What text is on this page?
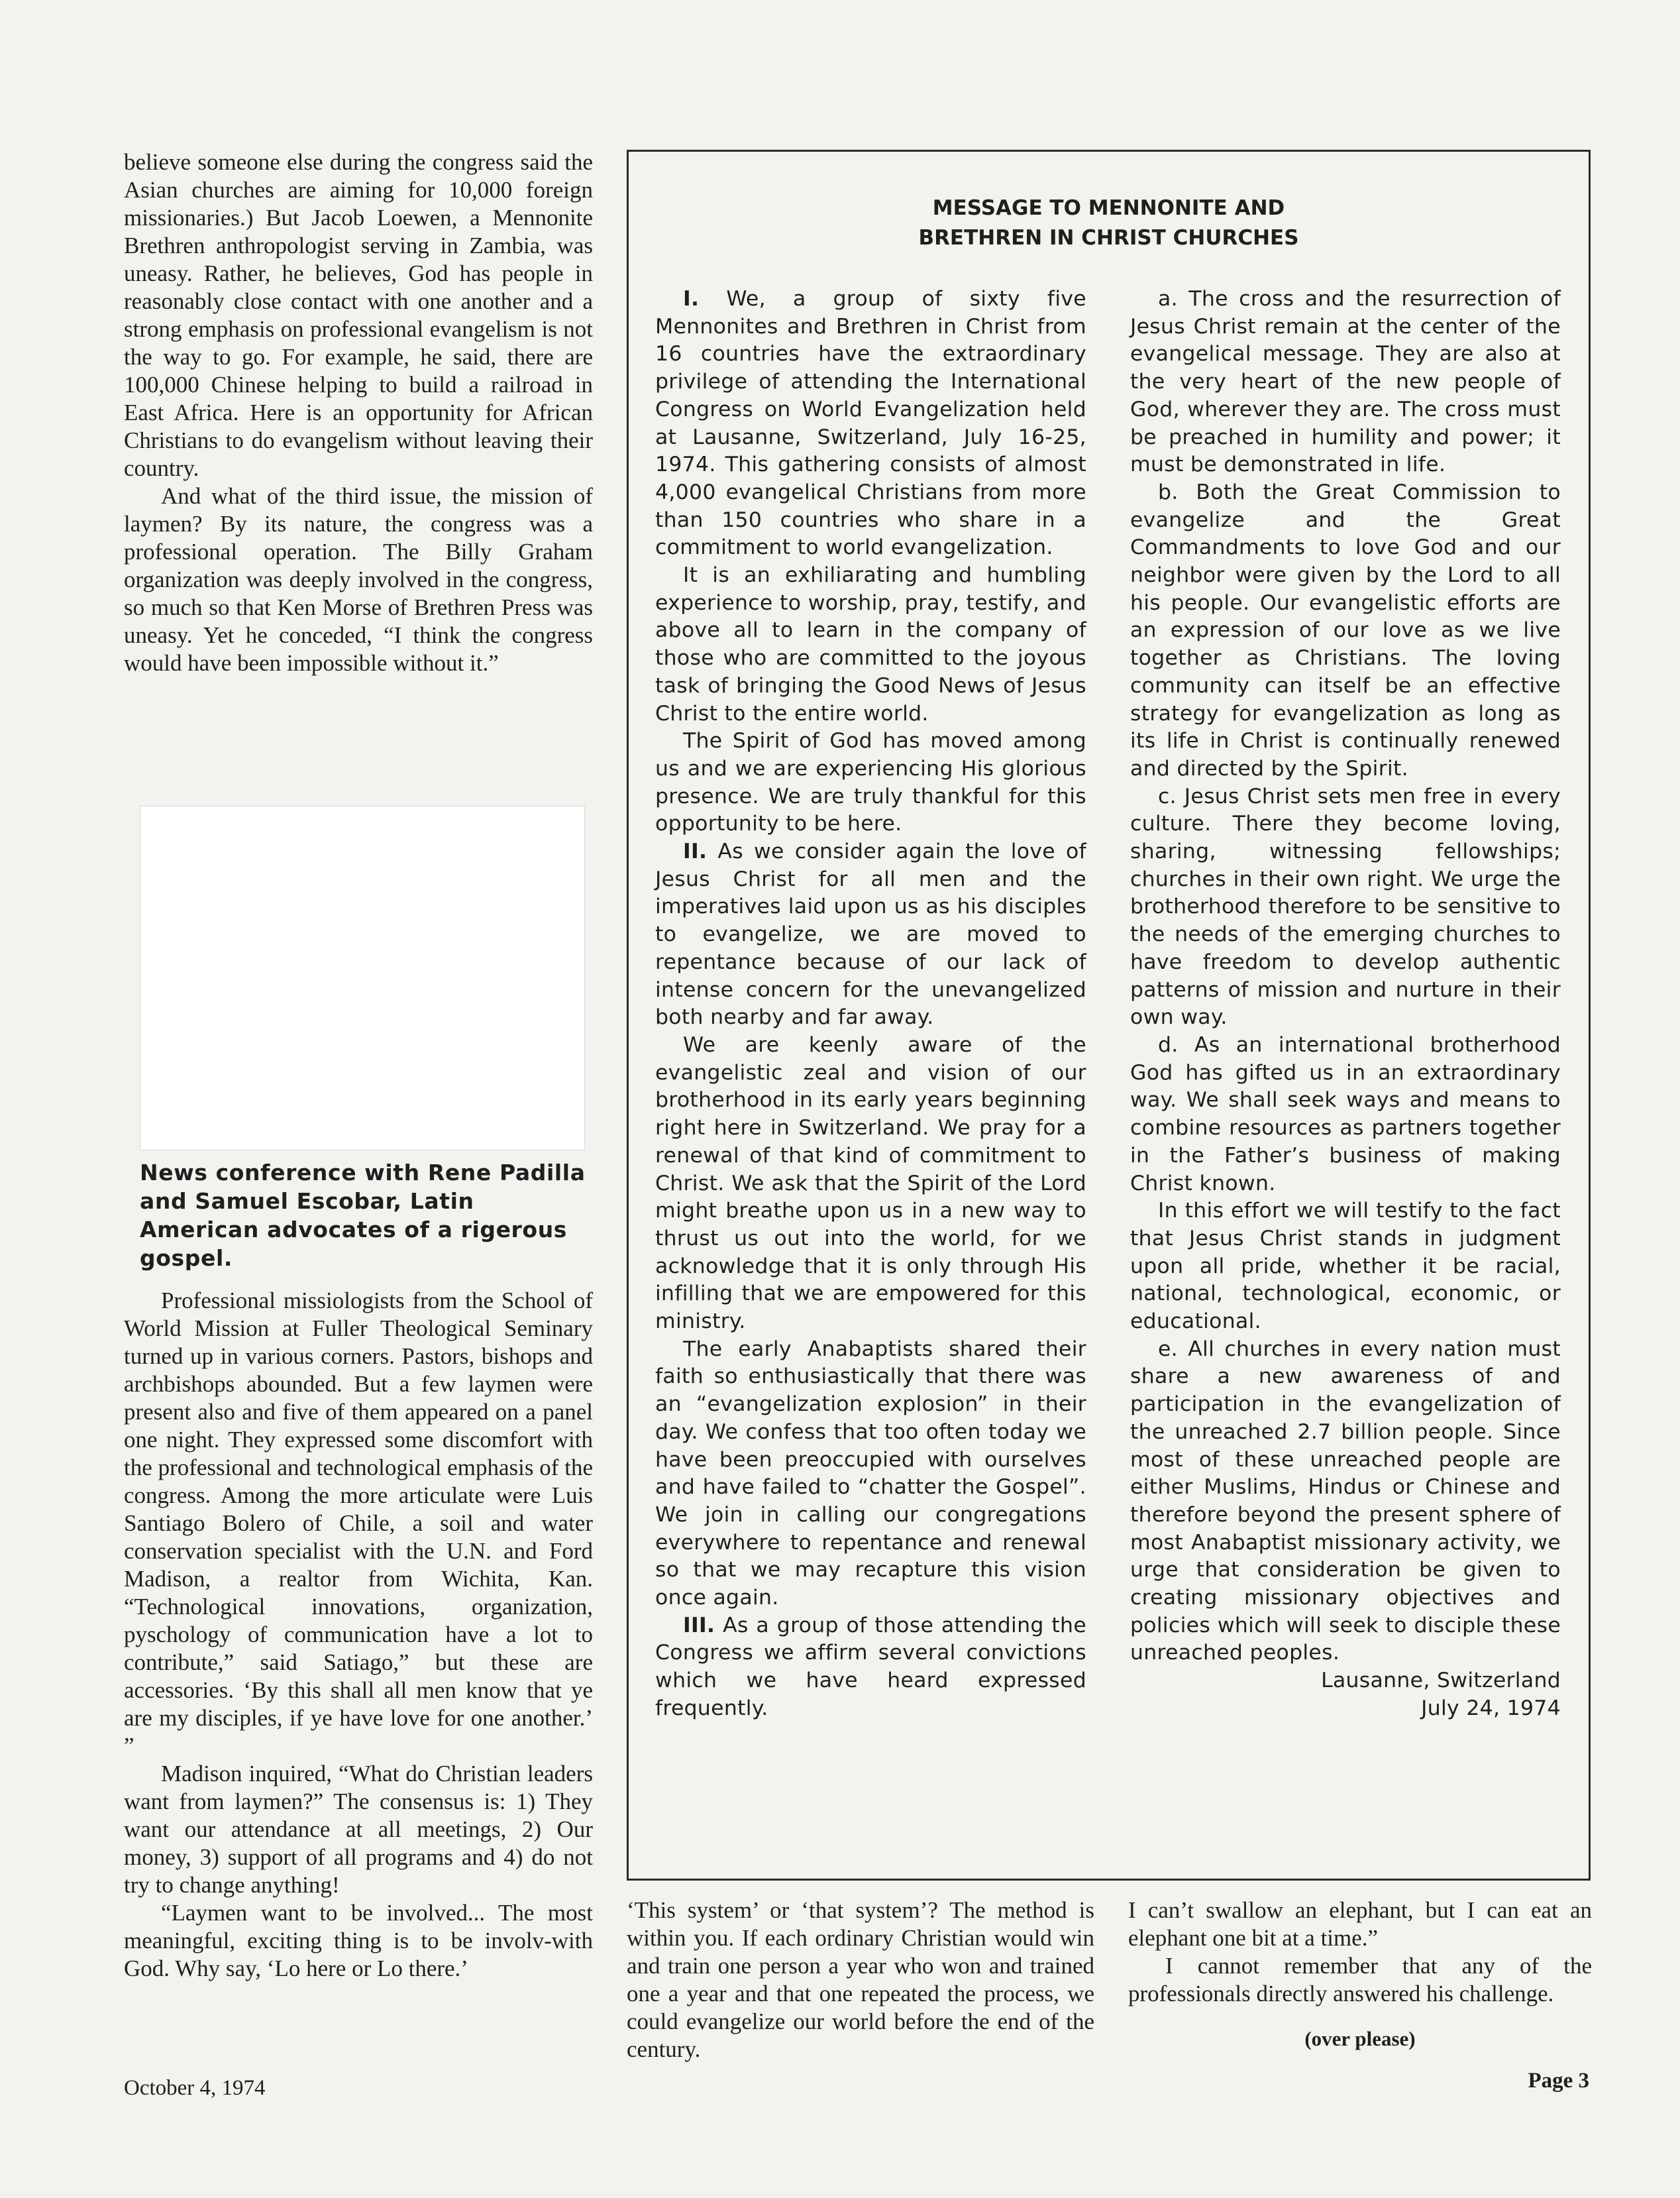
believe someone else during the congress said the Asian churches are aiming for 10,000 foreign missionaries.) But Jacob Loewen, a Mennonite Brethren anthropologist serving in Zambia, was uneasy. Rather, he believes, God has people in reasonably close contact with one another and a strong emphasis on professional evangelism is not the way to go. For example, he said, there are 100,000 Chinese helping to build a railroad in East Africa. Here is an opportunity for African Christians to do evangelism without leaving their country.

And what of the third issue, the mission of laymen? By its nature, the congress was a professional operation. The Billy Graham organization was deeply involved in the congress, so much so that Ken Morse of Brethren Press was uneasy. Yet he conceded, “I think the congress would have been impossible without it.”

News conference with Rene Padilla and Samuel Escobar, Latin American advocates of a rigerous gospel.

Professional missiologists from the School of World Mission at Fuller Theological Seminary turned up in various corners. Pastors, bishops and archbishops abounded. But a few laymen were present also and five of them appeared on a panel one night. They expressed some discomfort with the professional and technological emphasis of the congress. Among the more articulate were Luis Santiago Bolero of Chile, a soil and water conservation specialist with the U.N. and Ford Madison, a realtor from Wichita, Kan. “Technological innovations, organization, pyschology of communication have a lot to contribute,” said Satiago,” but these are accessories. ‘By this shall all men know that ye are my disciples, if ye have love for one another.’ ”

Madison inquired, “What do Christian leaders want from laymen?” The consensus is: 1) They want our attendance at all meetings, 2) Our money, 3) support of all programs and 4) do not try to change anything!

“Laymen want to be involved... The most meaningful, exciting thing is to be involv-with God. Why say, ‘Lo here or Lo there.’

MESSAGE TO MENNONITE AND
BRETHREN IN CHRIST CHURCHES

I. We, a group of sixty five Mennonites and Brethren in Christ from 16 countries have the extraordinary privilege of attending the International Congress on World Evangelization held at Lausanne, Switzerland, July 16-25, 1974. This gathering consists of almost 4,000 evangelical Christians from more than 150 countries who share in a commitment to world evangelization.

It is an exhiliarating and humbling experience to worship, pray, testify, and above all to learn in the company of those who are committed to the joyous task of bringing the Good News of Jesus Christ to the entire world.

The Spirit of God has moved among us and we are experiencing His glorious presence. We are truly thankful for this opportunity to be here.

II. As we consider again the love of Jesus Christ for all men and the imperatives laid upon us as his disciples to evangelize, we are moved to repentance because of our lack of intense concern for the unevangelized both nearby and far away.

We are keenly aware of the evangelistic zeal and vision of our brotherhood in its early years beginning right here in Switzerland. We pray for a renewal of that kind of commitment to Christ. We ask that the Spirit of the Lord might breathe upon us in a new way to thrust us out into the world, for we acknowledge that it is only through His infilling that we are empowered for this ministry.

The early Anabaptists shared their faith so enthusiastically that there was an “evangelization explosion” in their day. We confess that too often today we have been preoccupied with ourselves and have failed to “chatter the Gospel”. We join in calling our congregations everywhere to repentance and renewal so that we may recapture this vision once again.

III. As a group of those attending the Congress we affirm several convictions which we have heard expressed frequently.

a. The cross and the resurrection of Jesus Christ remain at the center of the evangelical message. They are also at the very heart of the new people of God, wherever they are. The cross must be preached in humility and power; it must be demonstrated in life.

b. Both the Great Commission to evangelize and the Great Commandments to love God and our neighbor were given by the Lord to all his people. Our evangelistic efforts are an expression of our love as we live together as Christians. The loving community can itself be an effective strategy for evangelization as long as its life in Christ is continually renewed and directed by the Spirit.

c. Jesus Christ sets men free in every culture. There they become loving, sharing, witnessing fellowships; churches in their own right. We urge the brotherhood therefore to be sensitive to the needs of the emerging churches to have freedom to develop authentic patterns of mission and nurture in their own way.

d. As an international brotherhood God has gifted us in an extraordinary way. We shall seek ways and means to combine resources as partners together in the Father’s business of making Christ known.

In this effort we will testify to the fact that Jesus Christ stands in judgment upon all pride, whether it be racial, national, technological, economic, or educational.

e. All churches in every nation must share a new awareness of and participation in the evangelization of the unreached 2.7 billion people. Since most of these unreached people are either Muslims, Hindus or Chinese and therefore beyond the present sphere of most Anabaptist missionary activity, we urge that consideration be given to creating missionary objectives and policies which will seek to disciple these unreached peoples.

Lausanne, Switzerland

July 24, 1974

‘This system’ or ‘that system’? The method is within you. If each ordinary Christian would win and train one person a year who won and trained one a year and that one repeated the process, we could evangelize our world before the end of the century.

I can’t swallow an elephant, but I can eat an elephant one bit at a time.”

I cannot remember that any of the professionals directly answered his challenge.

(over please)

October 4, 1974	Page 3
